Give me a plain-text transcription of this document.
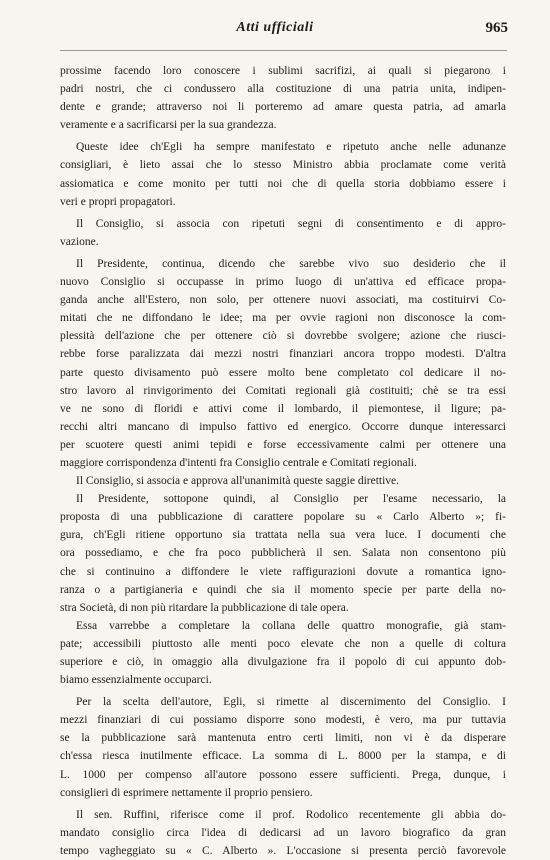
Atti ufficiali	965
prossime facendo loro conoscere i sublimi sacrifizi, ai quali si piegarono i
padri nostri, che ci condussero alla costituzione di una patria unita, indipen-
dente e grande; attraverso noi li porteremo ad amare questa patria, ad amarla
veramente e a sacrificarsi per la sua grandezza.
Queste idee ch'Egli ha sempre manifestato e ripetuto anche nelle adunanze
consigliari, è lieto assai che lo stesso Ministro abbia proclamate come verità
assiomatica e come monito per tutti noi che di quella storia dobbiamo essere i
veri e propri propagatori.
Il Consiglio, si associa con ripetuti segni di consentimento e di appro-
vazione.
Il Presidente, continua, dicendo che sarebbe vivo suo desiderio che il
nuovo Consiglio si occupasse in primo luogo di un'attiva ed efficace propa-
ganda anche all'Estero, non solo, per ottenere nuovi associati, ma costituirvi Co-
mitati che ne diffondano le idee; ma per ovvie ragioni non disconosce la com-
plessità dell'azione che per ottenere ciò si dovrebbe svolgere; azione che riusci-
rebbe forse paralizzata dai mezzi nostri finanziari ancora troppo modesti. D'altra
parte questo divisamento può essere molto bene completato col dedicare il no-
stro lavoro al rinvigorimento dei Comitati regionali già costituiti; chè se tra essi
ve ne sono di floridi e attivi come il lombardo, il piemontese, il ligure; pa-
recchi altri mancano di impulso fattivo ed energico. Occorre dunque interessarci
per scuotere questi animi tepidi e forse eccessivamente calmi per ottenere una
maggiore corrispondenza d'intenti fra Consiglio centrale e Comitati regionali.
Il Consiglio, si associa e approva all'unanimità queste saggie direttive.
Il Presidente, sottopone quindi, al Consiglio per l'esame necessario, la
proposta di una pubblicazione di carattere popolare su « Carlo Alberto »; fi-
gura, ch'Egli ritiene opportuno sia trattata nella sua vera luce. I documenti che
ora possediamo, e che fra poco pubblicherà il sen. Salata non consentono più
che si continuino a diffondere le viete raffigurazioni dovute a romantica igno-
ranza o a partigianeria e quindi che sia il momento specie per parte della no-
stra Società, di non più ritardare la pubblicazione di tale opera.
Essa varrebbe a completare la collana delle quattro monografie, già stam-
pate; accessibili piuttosto alle menti poco elevate che non a quelle di coltura
superiore e ciò, in omaggio alla divulgazione fra il popolo di cui appunto dob-
biamo essenzialmente occuparci.
Per la scelta dell'autore, Egli, si rimette al discernimento del Consiglio. I
mezzi finanziari di cui possiamo disporre sono modesti, è vero, ma pur tuttavia
se la pubblicazione sarà mantenuta entro certi limiti, non vi è da disperare
ch'essa riesca inutilmente efficace. La somma di L. 8000 per la stampa, e di
L. 1000 per compenso all'autore possono essere sufficienti. Prega, dunque, i
consiglieri di esprimere nettamente il proprio pensiero.
Il sen. Ruffini, riferisce come il prof. Rodolico recentemente gli abbia do-
mandato consiglio circa l'idea di dedicarsi ad un lavoro biografico da gran
tempo vagheggiato su « C. Alberto ». L'occasione si presenta perciò favorevole
